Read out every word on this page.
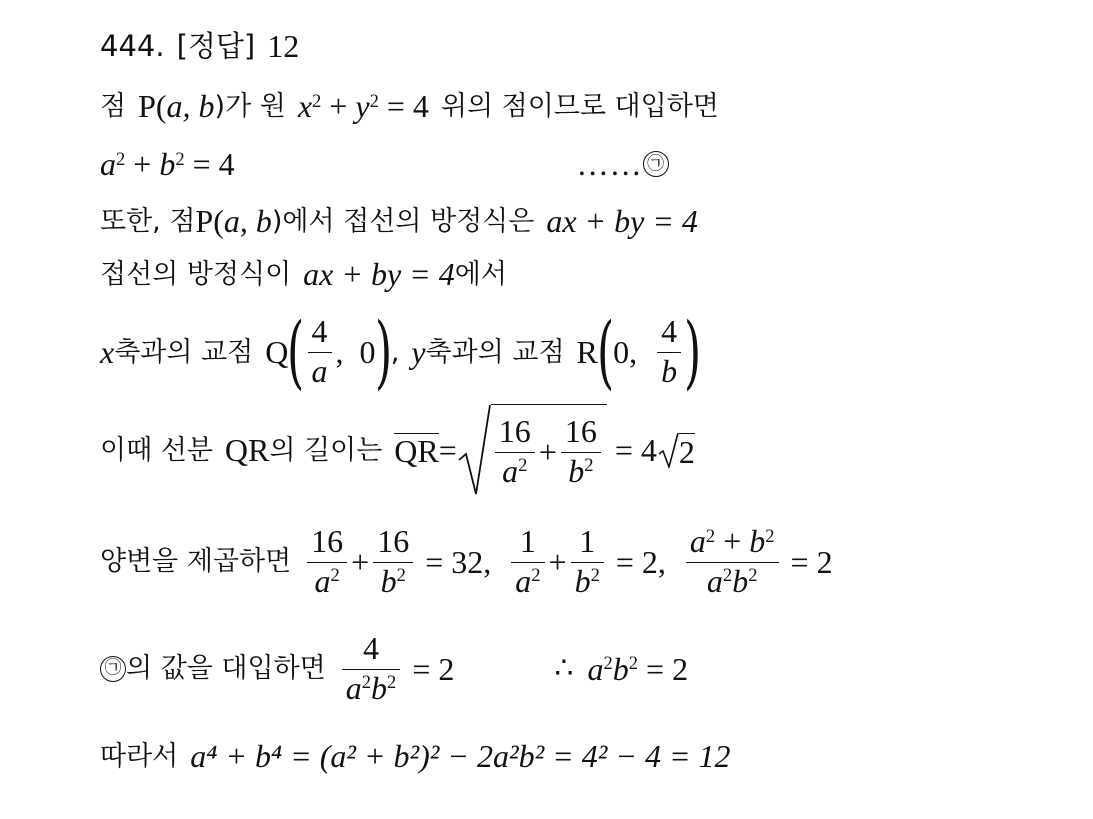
444. [정답] 12
점 P( a, b )가 원 $x^2 + y^2 = 4$ 위의 점이므로 대입하면
$a^2 + b^2 = 4$	…… ㉠
또한, 점 P( a, b )에서 접선의 방정식은 ax + by = 4
접선의 방정식이 ax + by = 4 에서
x 축과의 교점 Q ( $\frac{4}{a}$ ,  0 ) , y 축과의 교점 R ( 0, $\frac{4}{b}$ )
이때 선분 QR 의 길이는 QR = $\frac{16}{a^2} + \frac{16}{b^2} = 4$ 2
양변을 제곱하면 $\frac{16}{a^2} + \frac{16}{b^2} = 32$, $\frac{1}{a^2} + \frac{1}{b^2} = 2$, $\frac{a^2 + b^2}{a^2b^2} = 2$
㉠ 의 값을 대입하면 $\frac{4}{a^2b^2} = 2$	∴ $a^2b^2 = 2$
따라서 a⁴ + b⁴ = (a² + b²)² − 2a²b² = 4² − 4 = 12
